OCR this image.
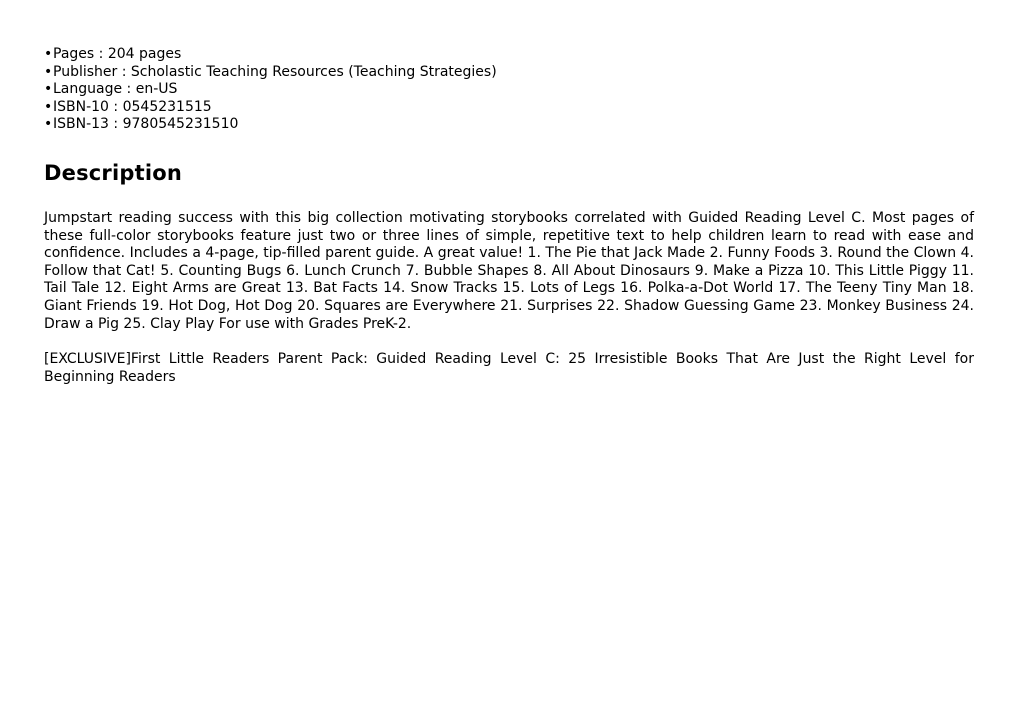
• Pages : 204 pages
• Publisher : Scholastic Teaching Resources (Teaching Strategies)
• Language : en-US
• ISBN-10 : 0545231515
• ISBN-13 : 9780545231510
Description

Jumpstart reading success with this big collection motivating storybooks correlated with Guided Reading Level C. Most pages of these full-color storybooks feature just two or three lines of simple, repetitive text to help children learn to read with ease and confidence. Includes a 4-page, tip-filled parent guide. A great value! 1. The Pie that Jack Made 2. Funny Foods 3. Round the Clown 4. Follow that Cat! 5. Counting Bugs 6. Lunch Crunch 7. Bubble Shapes 8. All About Dinosaurs 9. Make a Pizza 10. This Little Piggy 11. Tail Tale 12. Eight Arms are Great 13. Bat Facts 14. Snow Tracks 15. Lots of Legs 16. Polka-a-Dot World 17. The Teeny Tiny Man 18. Giant Friends 19. Hot Dog, Hot Dog 20. Squares are Everywhere 21. Surprises 22. Shadow Guessing Game 23. Monkey Business 24. Draw a Pig 25. Clay Play For use with Grades PreK-2.

[EXCLUSIVE]First Little Readers Parent Pack: Guided Reading Level C: 25 Irresistible Books That Are Just the Right Level for Beginning Readers
